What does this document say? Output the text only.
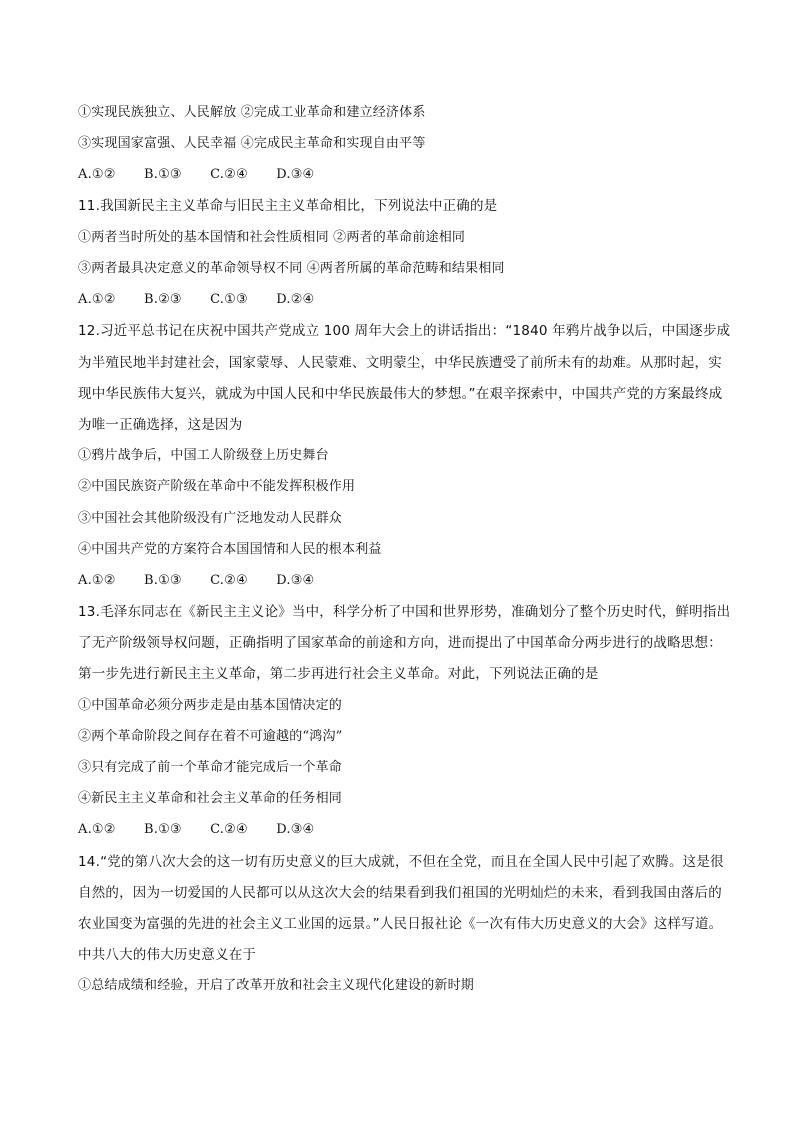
①实现民族独立、人民解放 ②完成工业革命和建立经济体系
③实现国家富强、人民幸福 ④完成民主革命和实现自由平等
A.①② B.①③ C.②④ D.③④
11.我国新民主主义革命与旧民主主义革命相比，下列说法中正确的是
①两者当时所处的基本国情和社会性质相同 ②两者的革命前途相同
③两者最具决定意义的革命领导权不同 ④两者所属的革命范畴和结果相同
A.①② B.②③ C.①③ D.②④
12.习近平总书记在庆祝中国共产党成立 100 周年大会上的讲话指出：“1840 年鸦片战争以后，中国逐步成
为半殖民地半封建社会，国家蒙辱、人民蒙难、文明蒙尘，中华民族遭受了前所未有的劫难。从那时起，实
现中华民族伟大复兴，就成为中国人民和中华民族最伟大的梦想。”在艰辛探索中，中国共产党的方案最终成
为唯一正确选择，这是因为
①鸦片战争后，中国工人阶级登上历史舞台
②中国民族资产阶级在革命中不能发挥积极作用
③中国社会其他阶级没有广泛地发动人民群众
④中国共产党的方案符合本国国情和人民的根本利益
A.①② B.①③ C.②④ D.③④
13.毛泽东同志在《新民主主义论》当中，科学分析了中国和世界形势，准确划分了整个历史时代，鲜明指出
了无产阶级领导权问题，正确指明了国家革命的前途和方向，进而提出了中国革命分两步进行的战略思想：
第一步先进行新民主主义革命，第二步再进行社会主义革命。对此，下列说法正确的是
①中国革命必须分两步走是由基本国情决定的
②两个革命阶段之间存在着不可逾越的“鸿沟”
③只有完成了前一个革命才能完成后一个革命
④新民主主义革命和社会主义革命的任务相同
A.①② B.①③ C.②④ D.③④
14.“党的第八次大会的这一切有历史意义的巨大成就，不但在全党，而且在全国人民中引起了欢腾。这是很
自然的，因为一切爱国的人民都可以从这次大会的结果看到我们祖国的光明灿烂的未来，看到我国由落后的
农业国变为富强的先进的社会主义工业国的远景。”人民日报社论《一次有伟大历史意义的大会》这样写道。
中共八大的伟大历史意义在于
①总结成绩和经验，开启了改革开放和社会主义现代化建设的新时期
